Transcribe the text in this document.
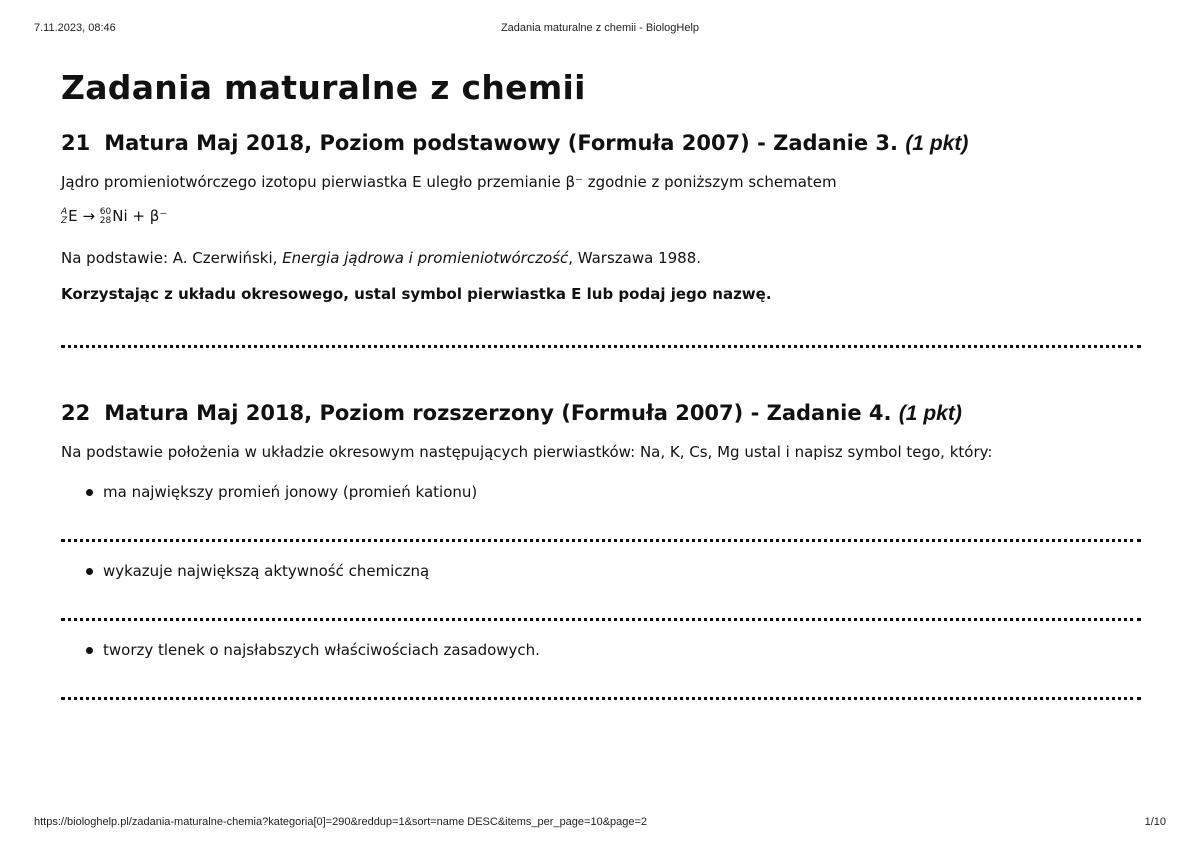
7.11.2023, 08:46	Zadania maturalne z chemii - BiologHelp
Zadania maturalne z chemii
21 Matura Maj 2018, Poziom podstawowy (Formuła 2007) - Zadanie 3. (1 pkt)

Jądro promieniotwórczego izotopu pierwiastka E uległo przemianie β⁻ zgodnie z poniższym schematem

A
Z E → 60
28 Ni + β⁻

Na podstawie: A. Czerwiński, Energia jądrowa i promieniotwórczość, Warszawa 1988.

Korzystając z układu okresowego, ustal symbol pierwiastka E lub podaj jego nazwę.

22 Matura Maj 2018, Poziom rozszerzony (Formuła 2007) - Zadanie 4. (1 pkt)

Na podstawie położenia w układzie okresowym następujących pierwiastków: Na, K, Cs, Mg ustal i napisz symbol tego, który:

ma największy promień jonowy (promień kationu)
wykazuje największą aktywność chemiczną
tworzy tlenek o najsłabszych właściwościach zasadowych.
https://biologhelp.pl/zadania-maturalne-chemia?kategoria[0]=290&reddup=1&sort=name DESC&items_per_page=10&page=2	1/10
